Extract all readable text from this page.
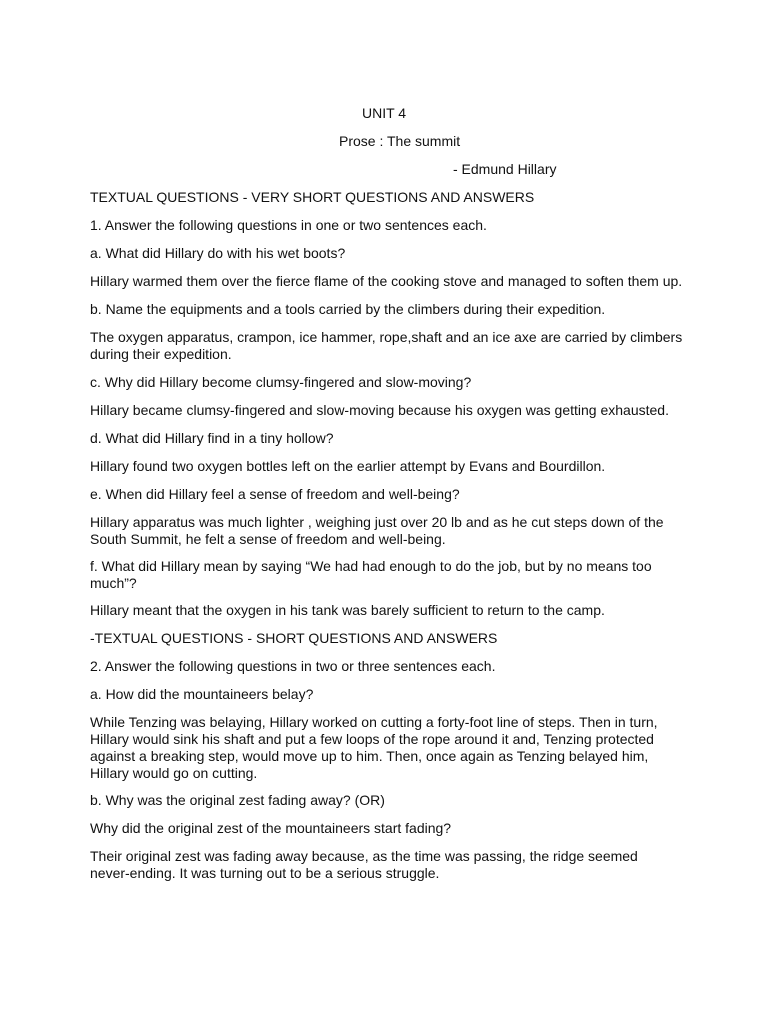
UNIT 4

Prose : The summit

- Edmund Hillary

TEXTUAL QUESTIONS - VERY SHORT QUESTIONS AND ANSWERS

1. Answer the following questions in one or two sentences each.

a. What did Hillary do with his wet boots?

Hillary warmed them over the fierce flame of the cooking stove and managed to soften them up.

b. Name the equipments and a tools carried by the climbers during their expedition.

The oxygen apparatus, crampon, ice hammer, rope,shaft and an ice axe are carried by climbers during their expedition.

c. Why did Hillary become clumsy-fingered and slow-moving?

Hillary became clumsy-fingered and slow-moving because his oxygen was getting exhausted.

d. What did Hillary find in a tiny hollow?

Hillary found two oxygen bottles left on the earlier attempt by Evans and Bourdillon.

e. When did Hillary feel a sense of freedom and well-being?

Hillary apparatus was much lighter , weighing just over 20 lb and as he cut steps down of the South Summit, he felt a sense of freedom and well-being.

f. What did Hillary mean by saying “We had had enough to do the job, but by no means too much”?

Hillary meant that the oxygen in his tank was barely sufficient to return to the camp.

-TEXTUAL QUESTIONS - SHORT QUESTIONS AND ANSWERS

2. Answer the following questions in two or three sentences each.

a. How did the mountaineers belay?

While Tenzing was belaying, Hillary worked on cutting a forty-foot line of steps. Then in turn, Hillary would sink his shaft and put a few loops of the rope around it and, Tenzing protected against a breaking step, would move up to him. Then, once again as Tenzing belayed him, Hillary would go on cutting.

b. Why was the original zest fading away? (OR)

Why did the original zest of the mountaineers start fading?

Their original zest was fading away because, as the time was passing, the ridge seemed never-ending. It was turning out to be a serious struggle.
